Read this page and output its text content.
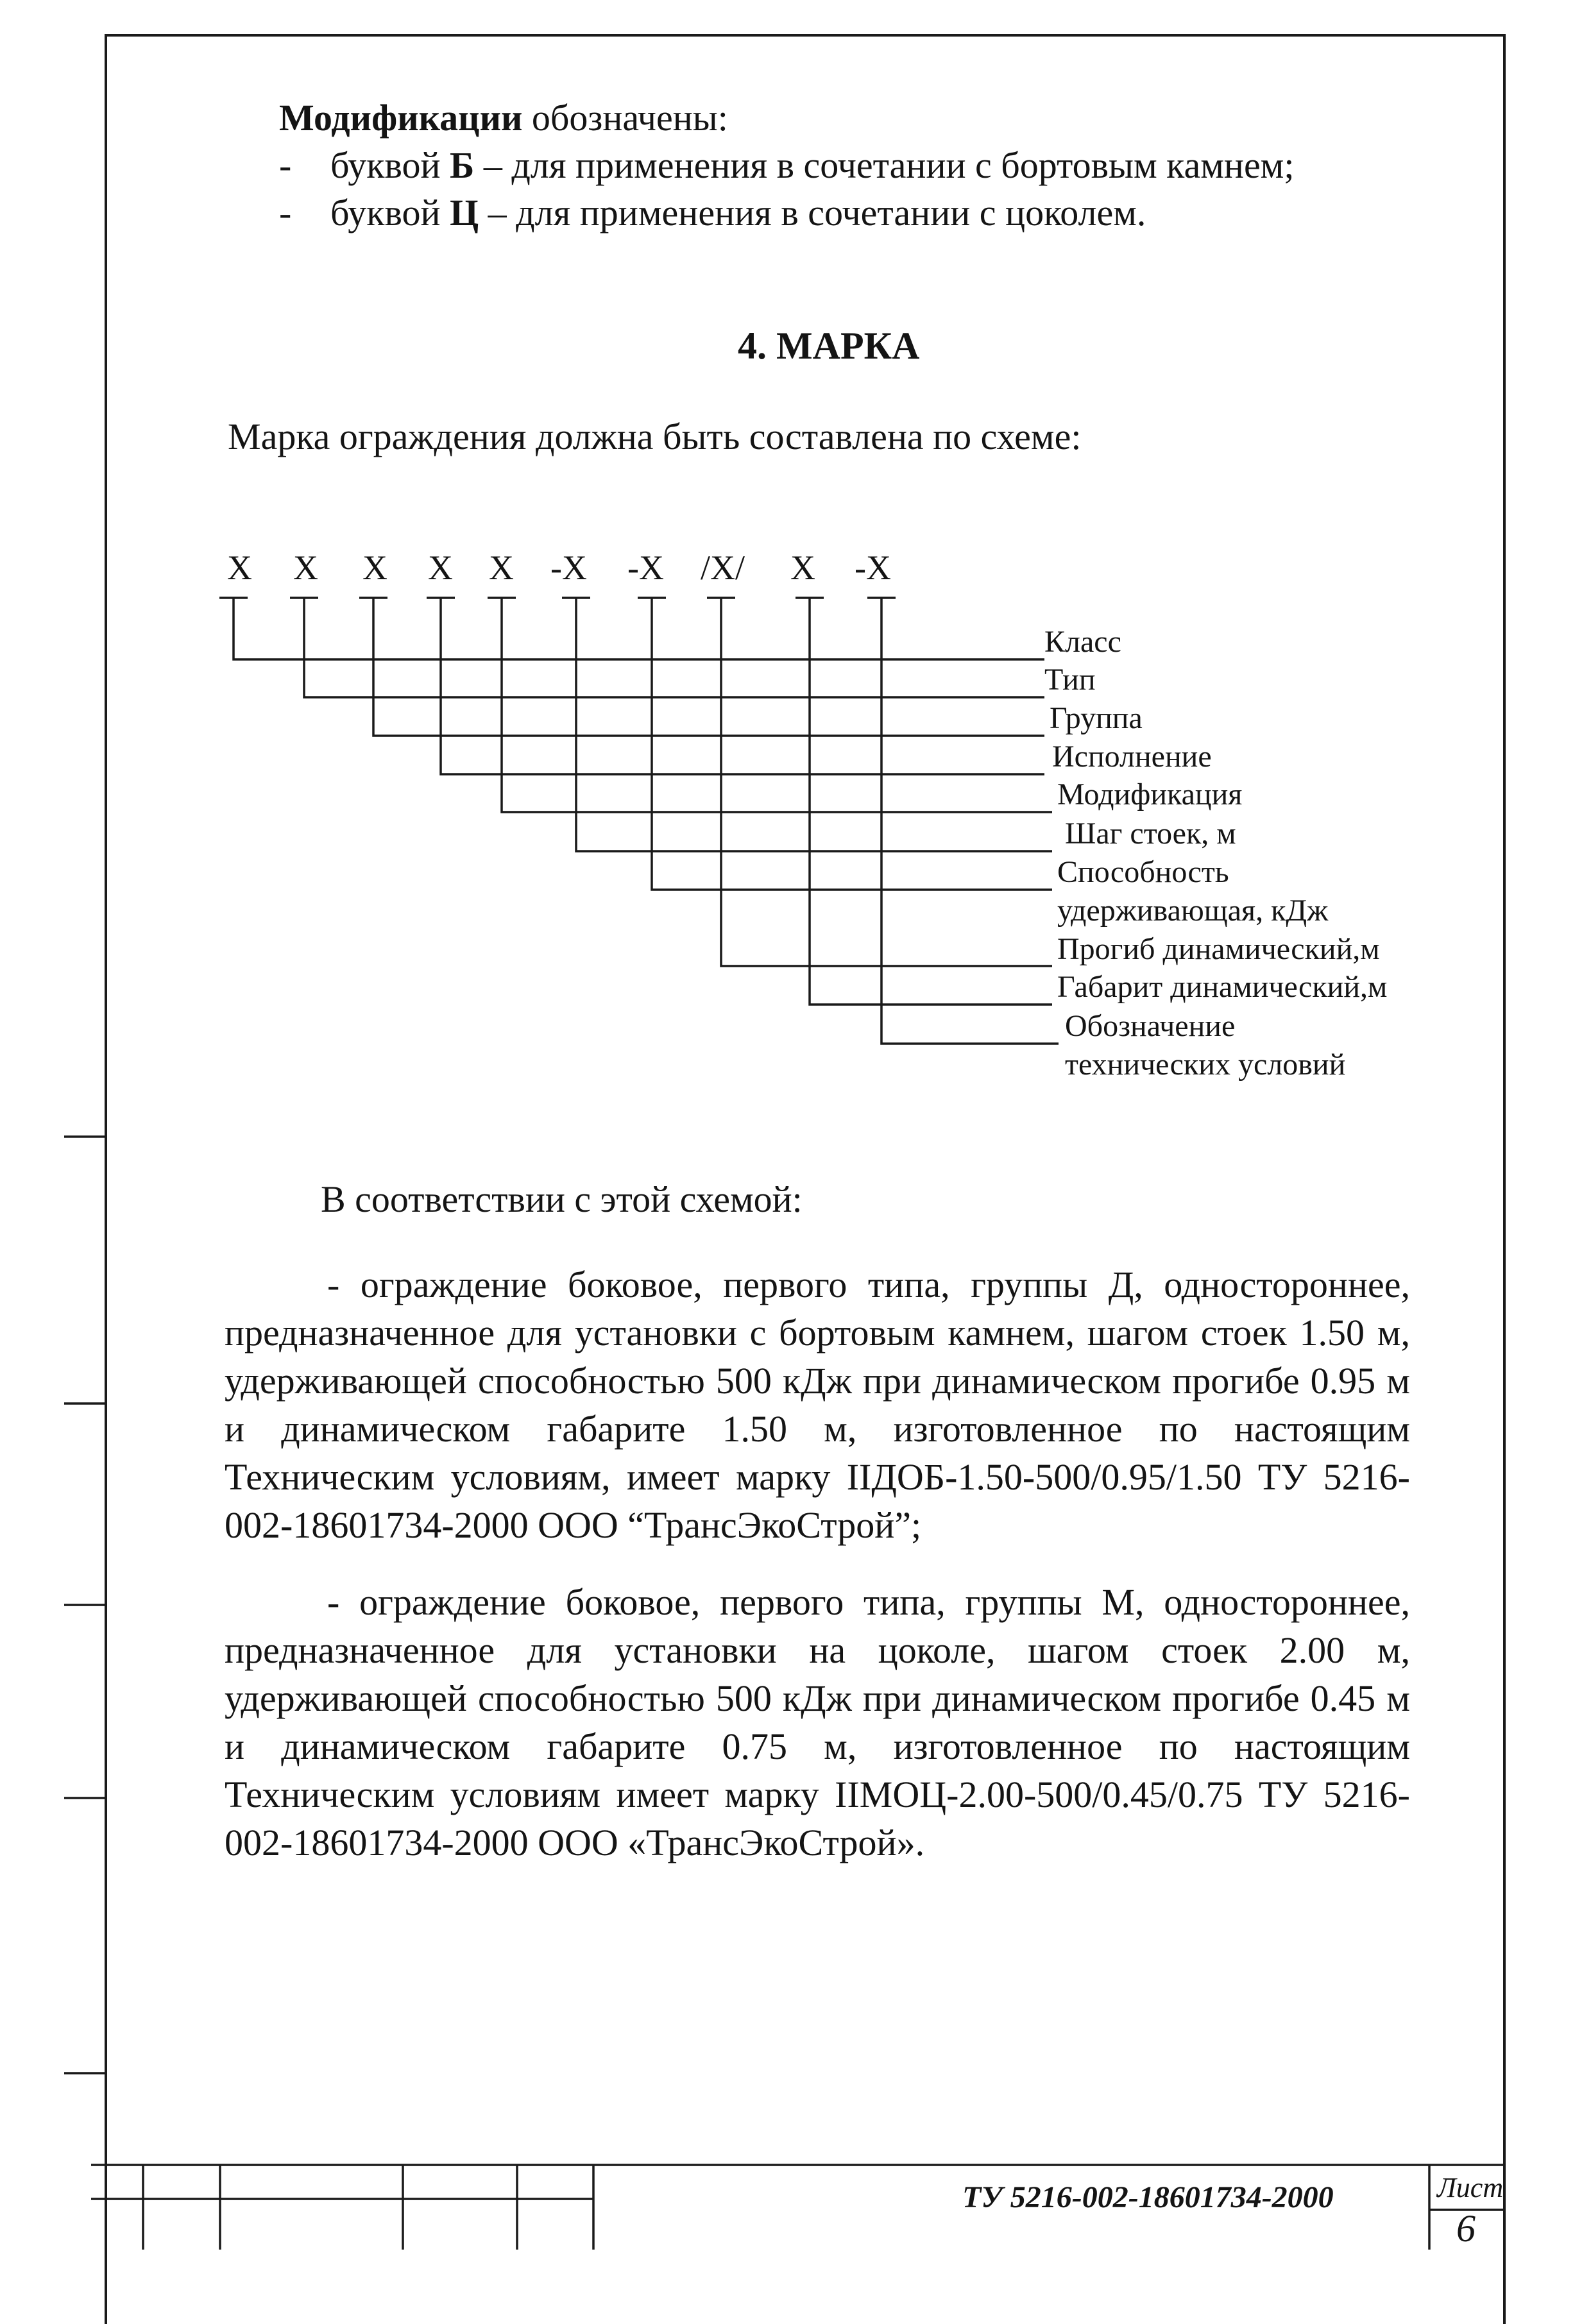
Модификации обозначены:
- буквой Б – для применения в сочетании с бортовым камнем;
- буквой Ц – для применения в сочетании с цоколем.
4. МАРКА
Марка ограждения должна быть составлена по схеме:
X X X X X -X -X /X/ X -X
Класс
Тип
Группа
Исполнение
Модификация
Шаг стоек, м
Способность
удерживающая, кДж
Прогиб динамический,м
Габарит динамический,м
Обозначение
технических условий
В соответствии с этой схемой:
- ограждение боковое, первого типа, группы Д, одностороннее, предназначенное для установки с бортовым камнем, шагом стоек 1.50 м, удерживающей способностью 500 кДж при динамическом прогибе 0.95 м и динамическом габарите 1.50 м, изготовленное по настоящим Техническим условиям, имеет марку IIДОБ-1.50-500/0.95/1.50 ТУ 5216-002-18601734-2000 ООО “ТрансЭкоСтрой”;
- ограждение боковое, первого типа, группы М, одностороннее, предназначенное для установки на цоколе, шагом стоек 2.00 м, удерживающей способностью 500 кДж при динамическом прогибе 0.45 м и динамическом габарите 0.75 м, изготовленное по настоящим Техническим условиям имеет марку IIМОЦ-2.00-500/0.45/0.75 ТУ 5216-002-18601734-2000 ООО «ТрансЭкоСтрой».
ТУ 5216-002-18601734-2000	Лист
6
